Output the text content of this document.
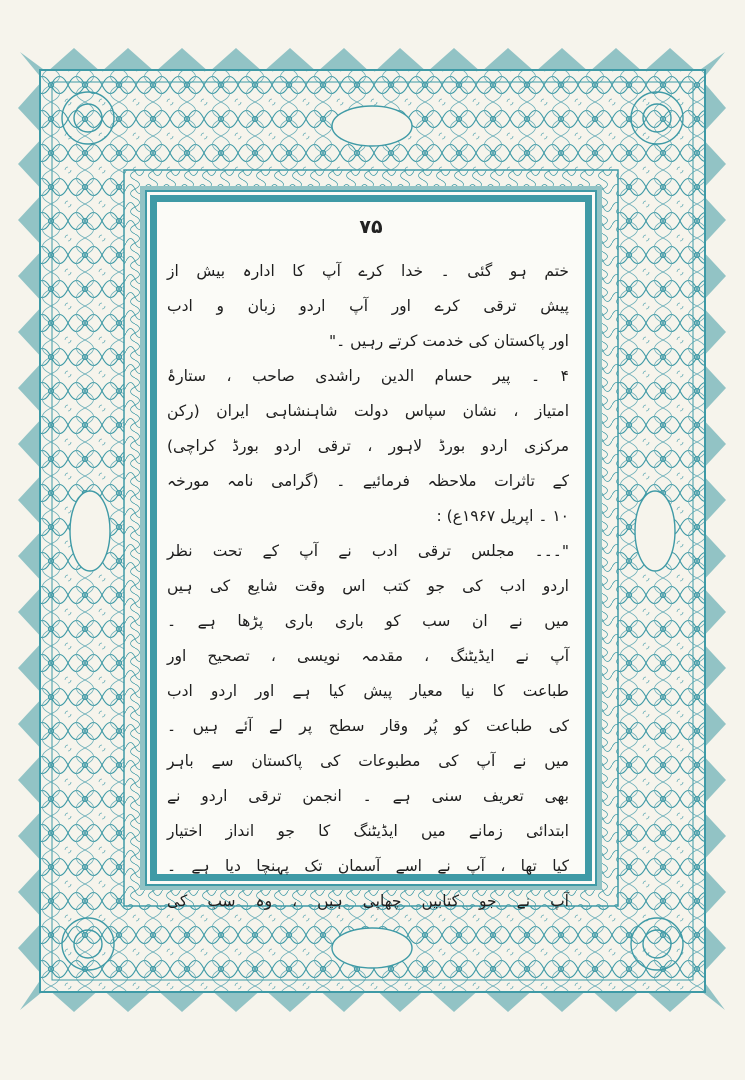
۷۵
ختم ہو گئی ۔ خدا کرے آپ کا ادارہ بیش از
پیش ترقی کرے اور آپ اردو زبان و ادب
اور پاکستان کی خدمت کرتے رہیں ۔"
۴ ۔ پیر حسام الدین راشدی صاحب ، ستارۂ
امتیاز ، نشان سپاس دولت شاہنشاہی ایران (رکن
مرکزی اردو بورڈ لاہور ، ترقی اردو بورڈ کراچی)
کے تاثرات ملاحظہ فرمائیے ۔ (گرامی نامہ مورخہ
۱۰ ۔ اپریل ۱۹۶۷ع) :
"۔۔۔ مجلس ترقی ادب نے آپ کے تحت نظر
اردو ادب کی جو کتب اس وقت شایع کی ہیں
میں نے ان سب کو باری باری پڑھا ہے ۔
آپ نے ایڈیٹنگ ، مقدمہ نویسی ، تصحیح اور
طباعت کا نیا معیار پیش کیا ہے اور اردو ادب
کی طباعت کو پُر وقار سطح پر لے آئے ہیں ۔
میں نے آپ کی مطبوعات کی پاکستان سے باہر
بھی تعریف سنی ہے ۔ انجمن ترقی اردو نے
ابتدائی زمانے میں ایڈیٹنگ کا جو انداز اختیار
کیا تھا ، آپ نے اسے آسمان تک پہنچا دیا ہے ۔
آپ نے جو کتابیں چھاپی ہیں ، وہ سب کی
